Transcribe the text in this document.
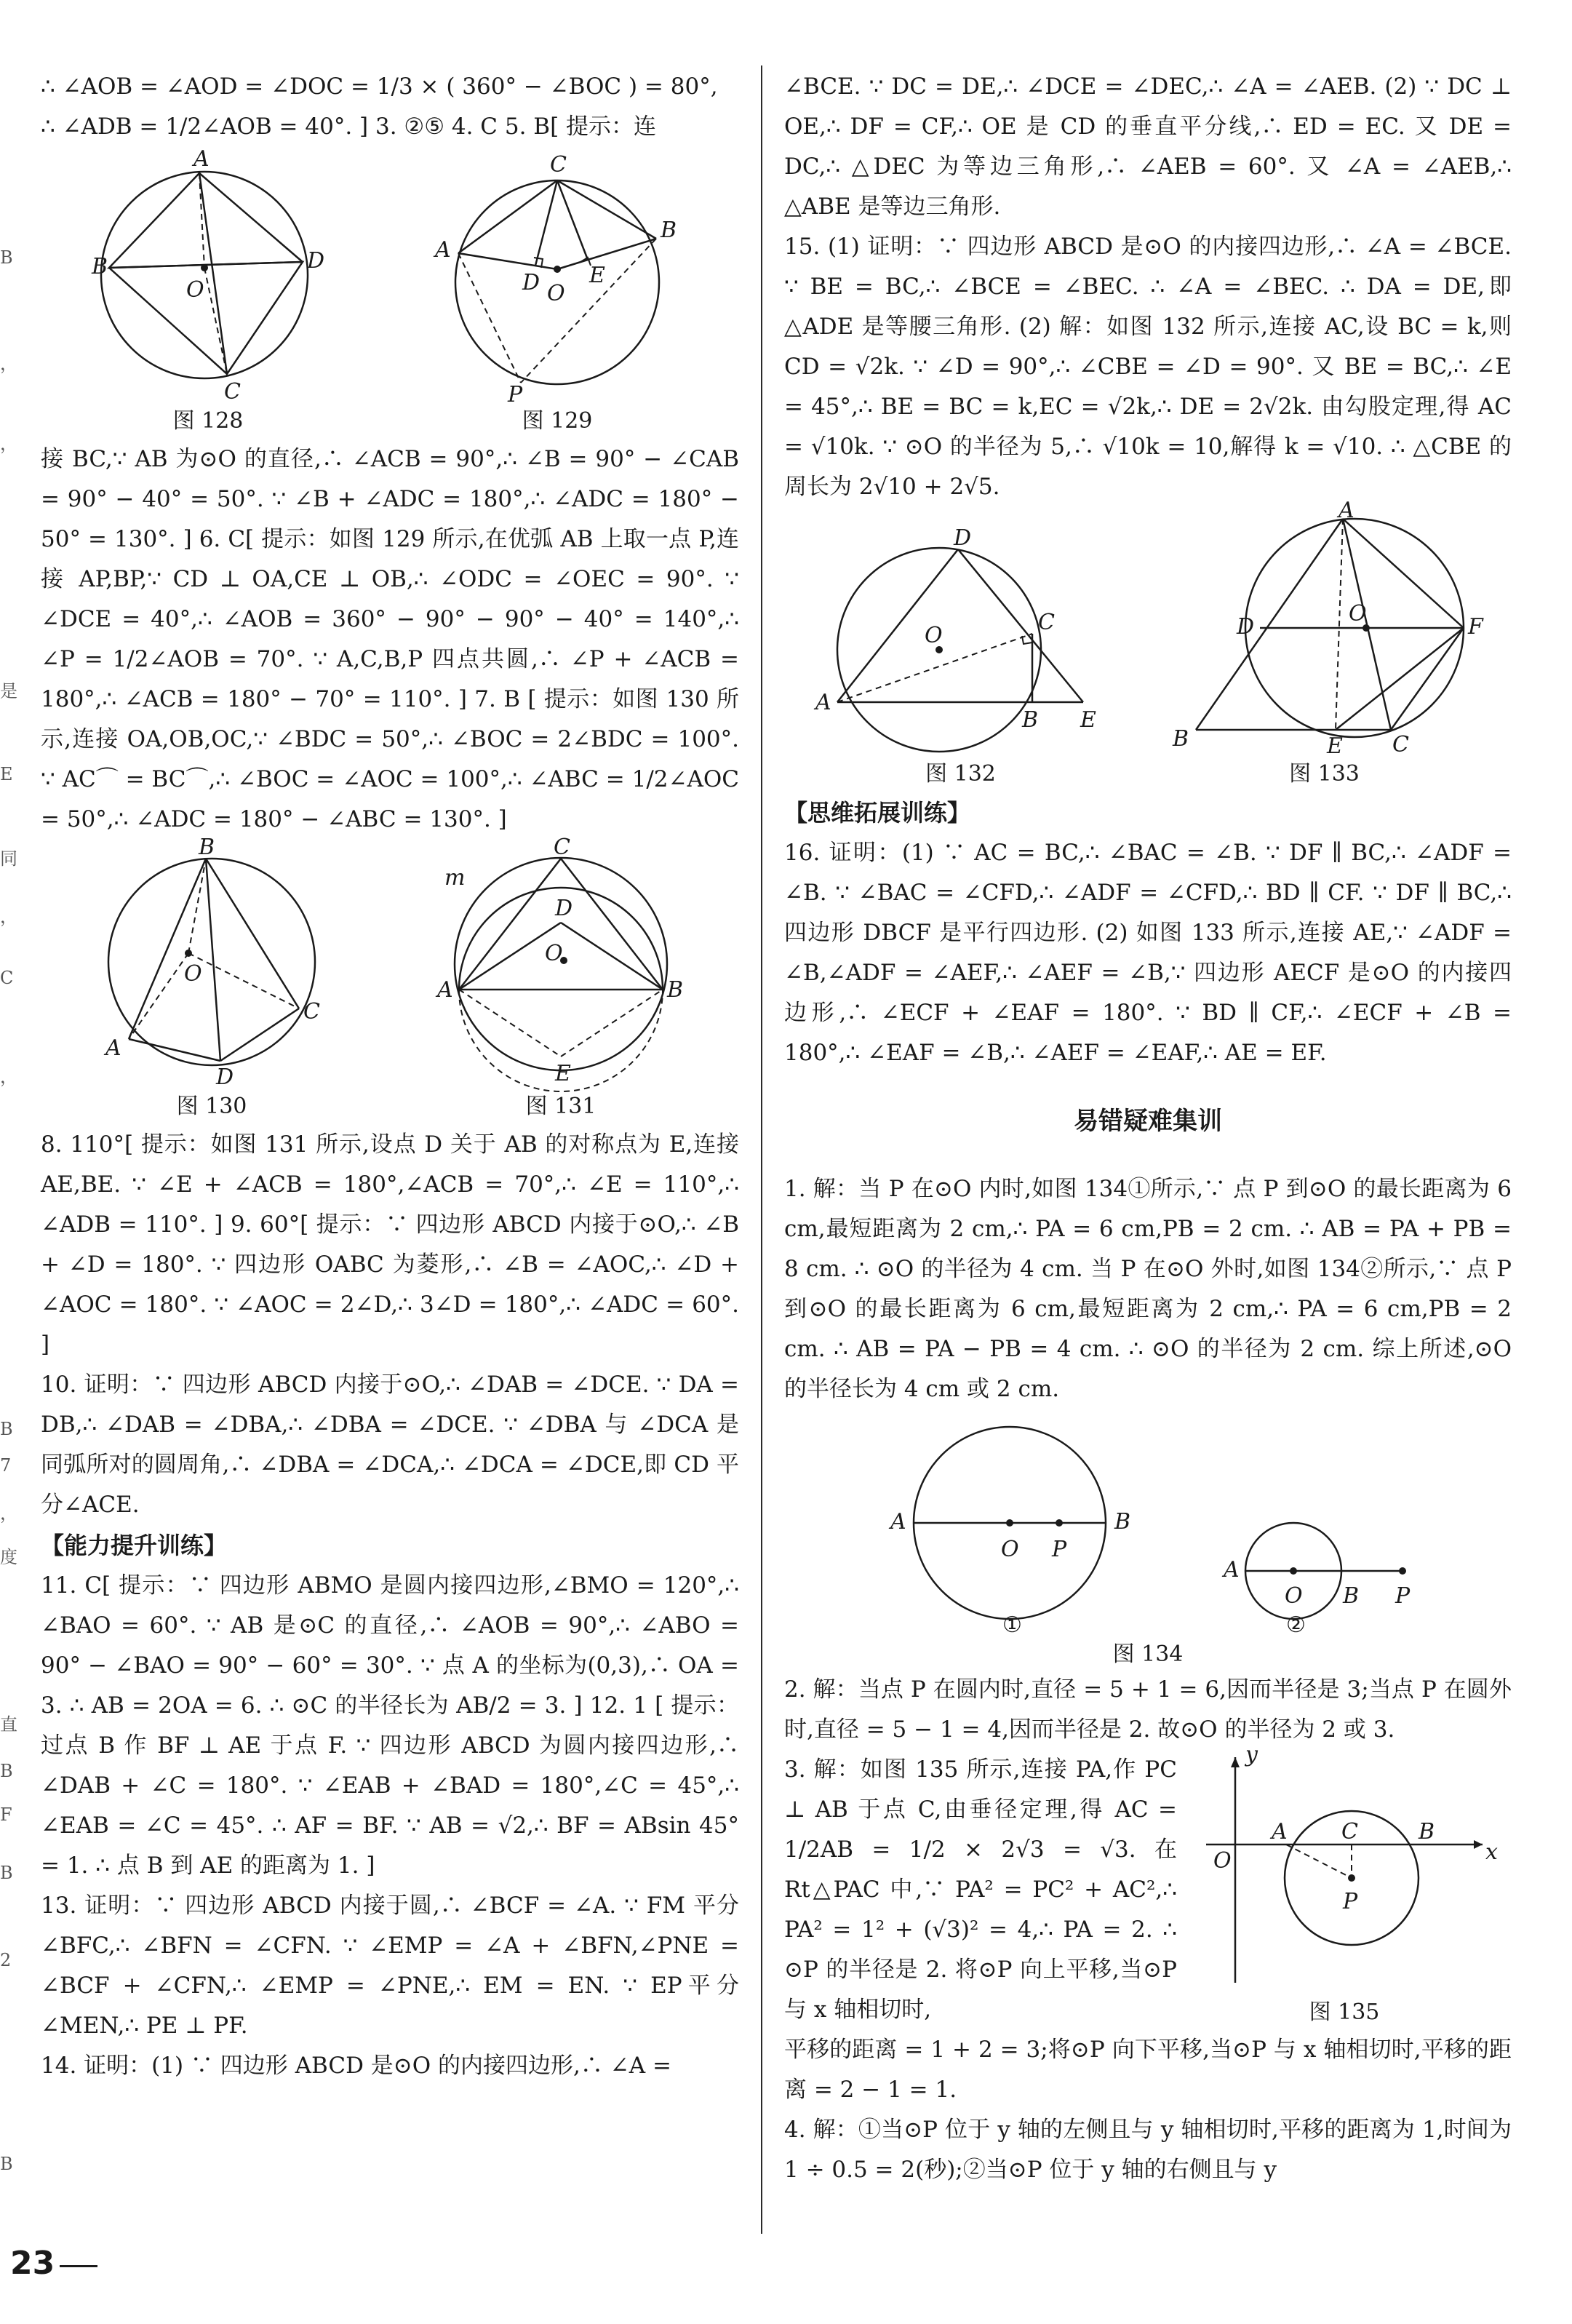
∴ ∠AOB = ∠AOD = ∠DOC = 1/3 × ( 360° − ∠BOC ) = 80°,

∴ ∠ADB = 1/2∠AOB = 40°. ] 3. ②⑤ 4. C 5. B[ 提示：连

A
B	D
C
O
图 128
C
A
B
D E
O
P
图 129

接 BC,∵ AB 为⊙O 的直径,∴ ∠ACB = 90°,∴ ∠B = 90° − ∠CAB = 90° − 40° = 50°. ∵ ∠B + ∠ADC = 180°,∴ ∠ADC = 180° − 50° = 130°. ] 6. C[ 提示：如图 129 所示,在优弧 AB 上取一点 P,连接 AP,BP,∵ CD ⊥ OA,CE ⊥ OB,∴ ∠ODC = ∠OEC = 90°. ∵ ∠DCE = 40°,∴ ∠AOB = 360° − 90° − 90° − 40° = 140°,∴ ∠P = 1/2∠AOB = 70°. ∵ A,C,B,P 四点共圆,∴ ∠P + ∠ACB = 180°,∴ ∠ACB = 180° − 70° = 110°. ] 7. B [ 提示：如图 130 所示,连接 OA,OB,OC,∵ ∠BDC = 50°,∴ ∠BOC = 2∠BDC = 100°. ∵ AC⌒ = BC⌒,∴ ∠BOC = ∠AOC = 100°,∴ ∠ABC = 1/2∠AOC = 50°,∴ ∠ADC = 180° − ∠ABC = 130°. ]

B
A
C
D
O
图 130
C
m
D
A	B
O
E
图 131

8. 110°[ 提示：如图 131 所示,设点 D 关于 AB 的对称点为 E,连接 AE,BE. ∵ ∠E + ∠ACB = 180°,∠ACB = 70°,∴ ∠E = 110°,∴ ∠ADB = 110°. ] 9. 60°[ 提示：∵ 四边形 ABCD 内接于⊙O,∴ ∠B + ∠D = 180°. ∵ 四边形 OABC 为菱形,∴ ∠B = ∠AOC,∴ ∠D + ∠AOC = 180°. ∵ ∠AOC = 2∠D,∴ 3∠D = 180°,∴ ∠ADC = 60°. ]

10. 证明：∵ 四边形 ABCD 内接于⊙O,∴ ∠DAB = ∠DCE. ∵ DA = DB,∴ ∠DAB = ∠DBA,∴ ∠DBA = ∠DCE. ∵ ∠DBA 与 ∠DCA 是同弧所对的圆周角,∴ ∠DBA = ∠DCA,∴ ∠DCA = ∠DCE,即 CD 平分∠ACE.

【能力提升训练】

11. C[ 提示：∵ 四边形 ABMO 是圆内接四边形,∠BMO = 120°,∴ ∠BAO = 60°. ∵ AB 是⊙C 的直径,∴ ∠AOB = 90°,∴ ∠ABO = 90° − ∠BAO = 90° − 60° = 30°. ∵ 点 A 的坐标为(0,3),∴ OA = 3. ∴ AB = 2OA = 6. ∴ ⊙C 的半径长为 AB/2 = 3. ] 12. 1 [ 提示：过点 B 作 BF ⊥ AE 于点 F. ∵ 四边形 ABCD 为圆内接四边形,∴ ∠DAB + ∠C = 180°. ∵ ∠EAB + ∠BAD = 180°,∠C = 45°,∴ ∠EAB = ∠C = 45°. ∴ AF = BF. ∵ AB = √2,∴ BF = ABsin 45° = 1. ∴ 点 B 到 AE 的距离为 1. ]

13. 证明：∵ 四边形 ABCD 内接于圆,∴ ∠BCF = ∠A. ∵ FM 平分∠BFC,∴ ∠BFN = ∠CFN. ∵ ∠EMP = ∠A + ∠BFN,∠PNE = ∠BCF + ∠CFN,∴ ∠EMP = ∠PNE,∴ EM = EN. ∵ EP平分∠MEN,∴ PE ⊥ PF.

14. 证明：(1) ∵ 四边形 ABCD 是⊙O 的内接四边形,∴ ∠A =

∠BCE. ∵ DC = DE,∴ ∠DCE = ∠DEC,∴ ∠A = ∠AEB. (2) ∵ DC ⊥ OE,∴ DF = CF,∴ OE 是 CD 的垂直平分线,∴ ED = EC. 又 DE = DC,∴ △DEC 为等边三角形,∴ ∠AEB = 60°. 又 ∠A = ∠AEB,∴ △ABE 是等边三角形.

15. (1) 证明：∵ 四边形 ABCD 是⊙O 的内接四边形,∴ ∠A = ∠BCE. ∵ BE = BC,∴ ∠BCE = ∠BEC. ∴ ∠A = ∠BEC. ∴ DA = DE,即△ADE 是等腰三角形. (2) 解：如图 132 所示,连接 AC,设 BC = k,则 CD = √2k. ∵ ∠D = 90°,∴ ∠CBE = ∠D = 90°. 又 BE = BC,∴ ∠E = 45°,∴ BE = BC = k,EC = √2k,∴ DE = 2√2k. 由勾股定理,得 AC = √10k. ∵ ⊙O 的半径为 5,∴ √10k = 10,解得 k = √10. ∴ △CBE 的周长为 2√10 + 2√5.

D
C
O
A
B E
图 132
A
D	F
O
B	E C
图 133

【思维拓展训练】

16. 证明：(1) ∵ AC = BC,∴ ∠BAC = ∠B. ∵ DF ∥ BC,∴ ∠ADF = ∠B. ∵ ∠BAC = ∠CFD,∴ ∠ADF = ∠CFD,∴ BD ∥ CF. ∵ DF ∥ BC,∴ 四边形 DBCF 是平行四边形. (2) 如图 133 所示,连接 AE,∵ ∠ADF = ∠B,∠ADF = ∠AEF,∴ ∠AEF = ∠B,∵ 四边形 AECF 是⊙O 的内接四边形,∴ ∠ECF + ∠EAF = 180°. ∵ BD ∥ CF,∴ ∠ECF + ∠B = 180°,∴ ∠EAF = ∠B,∴ ∠AEF = ∠EAF,∴ AE = EF.

易错疑难集训

1. 解：当 P 在⊙O 内时,如图 134①所示,∵ 点 P 到⊙O 的最长距离为 6 cm,最短距离为 2 cm,∴ PA = 6 cm,PB = 2 cm. ∴ AB = PA + PB = 8 cm. ∴ ⊙O 的半径为 4 cm. 当 P 在⊙O 外时,如图 134②所示,∵ 点 P 到⊙O 的最长距离为 6 cm,最短距离为 2 cm,∴ PA = 6 cm,PB = 2 cm. ∴ AB = PA − PB = 4 cm. ∴ ⊙O 的半径为 2 cm. 综上所述,⊙O 的半径长为 4 cm 或 2 cm.

A	B
O P
A
O B P
①	②
图 134

2. 解：当点 P 在圆内时,直径 = 5 + 1 = 6,因而半径是 3;当点 P 在圆外时,直径 = 5 − 1 = 4,因而半径是 2. 故⊙O 的半径为 2 或 3.

3. 解：如图 135 所示,连接 PA,作 PC ⊥ AB 于点 C,由垂径定理,得 AC = 1/2AB = 1/2 × 2√3 = √3. 在 Rt△PAC 中,∵ PA² = PC² + AC²,∴ PA² = 1² + (√3)² = 4,∴ PA = 2. ∴ ⊙P 的半径是 2. 将⊙P 向上平移,当⊙P 与 x 轴相切时,

y
O
A C	B
x
P
图 135

平移的距离 = 1 + 2 = 3;将⊙P 向下平移,当⊙P 与 x 轴相切时,平移的距离 = 2 − 1 = 1.

4. 解：①当⊙P 位于 y 轴的左侧且与 y 轴相切时,平移的距离为 1,时间为 1 ÷ 0.5 = 2(秒);②当⊙P 位于 y 轴的右侧且与 y

B
，
，
是
E
同
，
C
，
B
7
，
度
直
B
F
B
2
B
23
